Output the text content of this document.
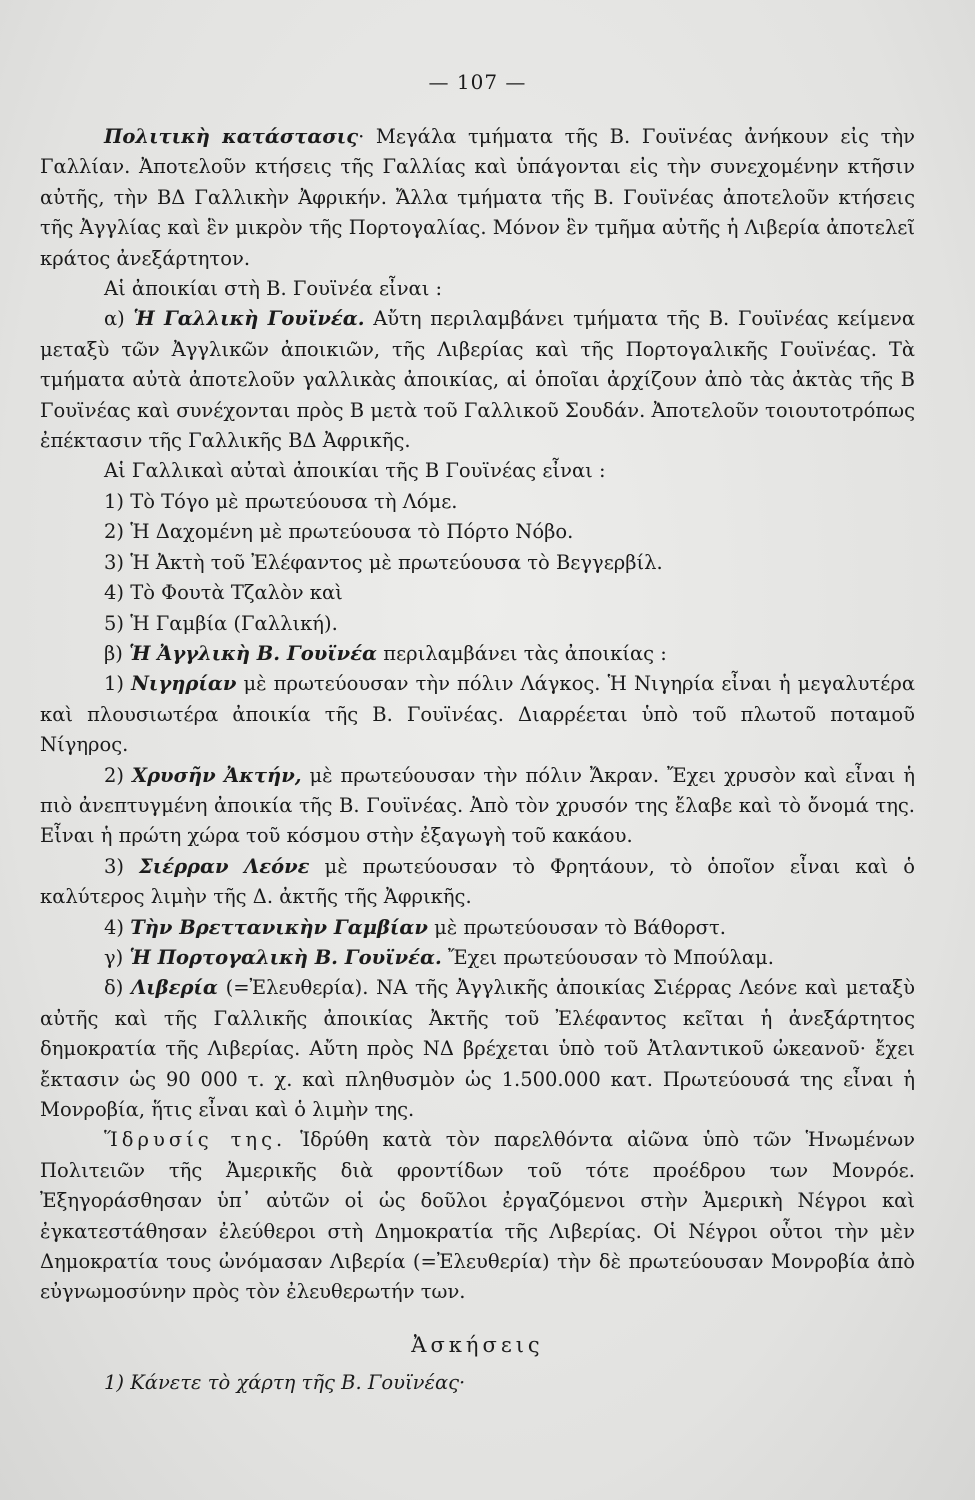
— 107 —

Πολιτικὴ κατάστασις· Μεγάλα τμήματα τῆς Β. Γουϊνέας ἀνήκουν εἰς τὴν Γαλλίαν. Ἀποτελοῦν κτήσεις τῆς Γαλλίας καὶ ὑπάγονται εἰς τὴν συνεχομένην κτῆσιν αὐτῆς, τὴν ΒΔ Γαλλικὴν Ἀφρικήν. Ἄλλα τμήματα τῆς Β. Γουϊνέας ἀποτελοῦν κτήσεις τῆς Ἀγγλίας καὶ ἓν μικρὸν τῆς Πορτογαλίας. Μόνον ἓν τμῆμα αὐτῆς ἡ Λιβερία ἀποτελεῖ κράτος ἀνεξάρτητον.

Αἱ ἀποικίαι στὴ Β. Γουϊνέα εἶναι :

α) Ἡ Γαλλικὴ Γουϊνέα. Αὔτη περιλαμβάνει τμήματα τῆς Β. Γουϊνέας κείμενα μεταξὺ τῶν Ἀγγλικῶν ἀποικιῶν, τῆς Λιβερίας καὶ τῆς Πορτογαλικῆς Γουϊνέας. Τὰ τμήματα αὐτὰ ἀποτελοῦν γαλλικὰς ἀποικίας, αἱ ὁποῖαι ἀρχίζουν ἀπὸ τὰς ἀκτὰς τῆς Β Γουϊνέας καὶ συνέχονται πρὸς Β μετὰ τοῦ Γαλλικοῦ Σουδάν. Ἀποτελοῦν τοιουτοτρόπως ἐπέκτασιν τῆς Γαλλικῆς ΒΔ Ἀφρικῆς.

Αἱ Γαλλικαὶ αὐταὶ ἀποικίαι τῆς Β Γουϊνέας εἶναι :

1) Τὸ Τόγο μὲ πρωτεύουσα τὴ Λόμε.

2) Ἡ Δαχομένη μὲ πρωτεύουσα τὸ Πόρτο Νόβο.

3) Ἡ Ἀκτὴ τοῦ Ἐλέφαντος μὲ πρωτεύουσα τὸ Βεγγερβίλ.

4) Τὸ Φουτὰ Τζαλὸν καὶ

5) Ἡ Γαμβία (Γαλλική).

β) Ἡ Ἀγγλικὴ Β. Γουϊνέα περιλαμβάνει τὰς ἀποικίας :

1) Νιγηρίαν μὲ πρωτεύουσαν τὴν πόλιν Λάγκος. Ἡ Νιγηρία εἶναι ἡ μεγαλυτέρα καὶ πλουσιωτέρα ἀποικία τῆς Β. Γουϊνέας. Διαρρέεται ὑπὸ τοῦ πλωτοῦ ποταμοῦ Νίγηρος.

2) Χρυσῆν Ἀκτήν, μὲ πρωτεύουσαν τὴν πόλιν Ἄκραν. Ἔχει χρυσὸν καὶ εἶναι ἡ πιὸ ἀνεπτυγμένη ἀποικία τῆς Β. Γουϊνέας. Ἀπὸ τὸν χρυσόν της ἔλαβε καὶ τὸ ὄνομά της. Εἶναι ἡ πρώτη χώρα τοῦ κόσμου στὴν ἐξαγωγὴ τοῦ κακάου.

3) Σιέρραν Λεόνε μὲ πρωτεύουσαν τὸ Φρητάουν, τὸ ὁποῖον εἶναι καὶ ὁ καλύτερος λιμὴν τῆς Δ. ἀκτῆς τῆς Ἀφρικῆς.

4) Τὴν Βρεττανικὴν Γαμβίαν μὲ πρωτεύουσαν τὸ Βάθορστ.

γ) Ἡ Πορτογαλικὴ Β. Γουϊνέα. Ἔχει πρωτεύουσαν τὸ Μπούλαμ.

δ) Λιβερία (=Ἐλευθερία). ΝΑ τῆς Ἀγγλικῆς ἀποικίας Σιέρρας Λεόνε καὶ μεταξὺ αὐτῆς καὶ τῆς Γαλλικῆς ἀποικίας Ἀκτῆς τοῦ Ἐλέφαντος κεῖται ἡ ἀνεξάρτητος δημοκρατία τῆς Λιβερίας. Αὔτη πρὸς ΝΔ βρέχεται ὑπὸ τοῦ Ἀτλαντικοῦ ὠκεανοῦ· ἔχει ἔκτασιν ὡς 90 000 τ. χ. καὶ πληθυσμὸν ὡς 1.500.000 κατ. Πρωτεύουσά της εἶναι ἡ Μονροβία, ἥτις εἶναι καὶ ὁ λιμὴν της.

Ἵδρυσίς της. Ἱδρύθη κατὰ τὸν παρελθόντα αἰῶνα ὑπὸ τῶν Ἡνωμένων Πολιτειῶν τῆς Ἀμερικῆς διὰ φροντίδων τοῦ τότε προέδρου των Μονρόε. Ἐξηγοράσθησαν ὑπ᾽ αὐτῶν οἱ ὡς δοῦλοι ἐργαζόμενοι στὴν Ἀμερικὴ Νέγροι καὶ ἐγκατεστάθησαν ἐλεύθεροι στὴ Δημοκρατία τῆς Λιβερίας. Οἱ Νέγροι οὗτοι τὴν μὲν Δημοκρατία τους ὠνόμασαν Λιβερία (=Ἐλευθερία) τὴν δὲ πρωτεύουσαν Μονροβία ἀπὸ εὐγνωμοσύνην πρὸς τὸν ἐλευθερωτήν των.

Ἀσκήσεις
1) Κάνετε τὸ χάρτη τῆς Β. Γουϊνέας·
